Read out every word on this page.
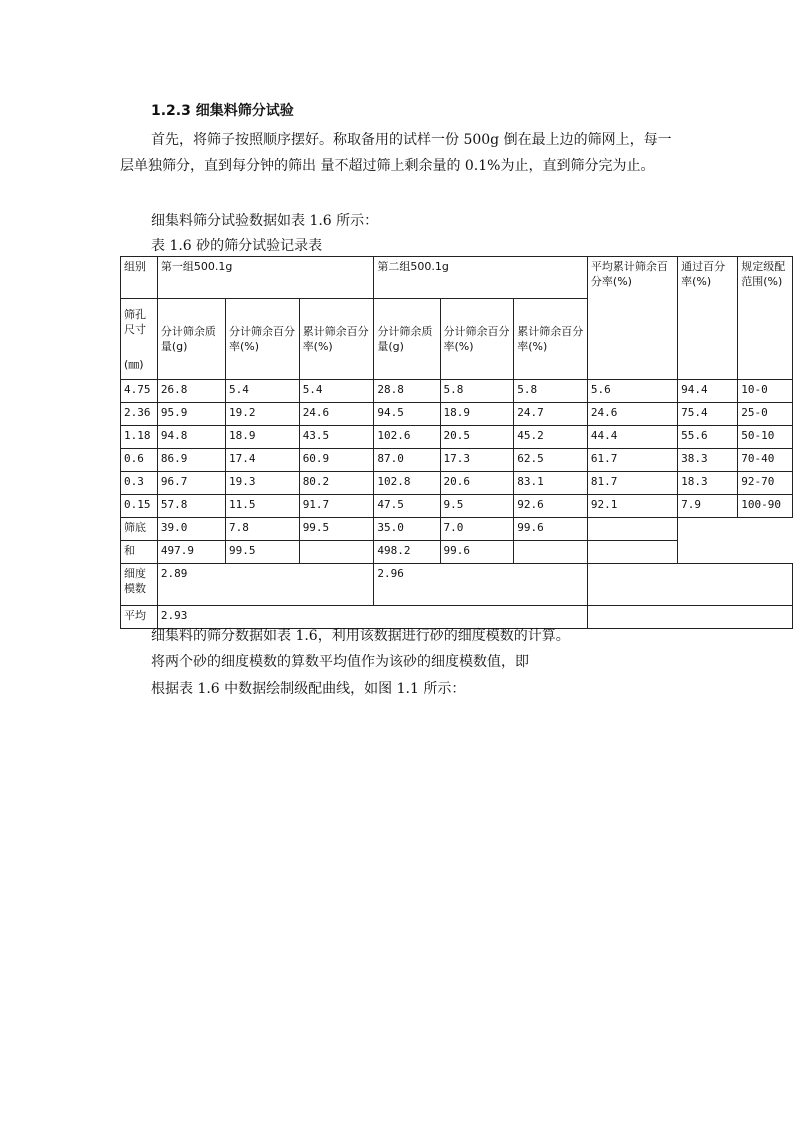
1.2.3 细集料筛分试验
首先，将筛子按照顺序摆好。称取备用的试样一份 500g 倒在最上边的筛网上，每一层单独筛分，直到每分钟的筛出 量不超过筛上剩余量的 0.1%为止，直到筛分完为止。
细集料筛分试验数据如表 1.6 所示：
表 1.6 砂的筛分试验记录表
组别	第一组500.1g			第二组500.1g			平均累计筛余百分率(%)	通过百分率(%)	规定级配范围(%)

筛孔
尺寸
(㎜)	分计筛余质量(g)	分计筛余百分率(%)	累计筛余百分率(%)	分计筛余质量(g)	分计筛余百分率(%)	累计筛余百分率(%)			
4.75	26.8	5.4	5.4	28.8	5.8	5.8	5.6	94.4	10-0
2.36	95.9	19.2	24.6	94.5	18.9	24.7	24.6	75.4	25-0
1.18	94.8	18.9	43.5	102.6	20.5	45.2	44.4	55.6	50-10
0.6	86.9	17.4	60.9	87.0	17.3	62.5	61.7	38.3	70-40
0.3	96.7	19.3	80.2	102.8	20.6	83.1	81.7	18.3	92-70
0.15	57.8	11.5	91.7	47.5	9.5	92.6	92.1	7.9	100-90
筛底	39.0	7.8	99.5	35.0	7.0	99.6			
和	497.9	99.5		498.2	99.6				
细度模数	2.89			2.96					
平均	2.93								
细集料的筛分数据如表 1.6，利用该数据进行砂的细度模数的计算。
将两个砂的细度模数的算数平均值作为该砂的细度模数值，即
根据表 1.6 中数据绘制级配曲线，如图 1.1 所示：
